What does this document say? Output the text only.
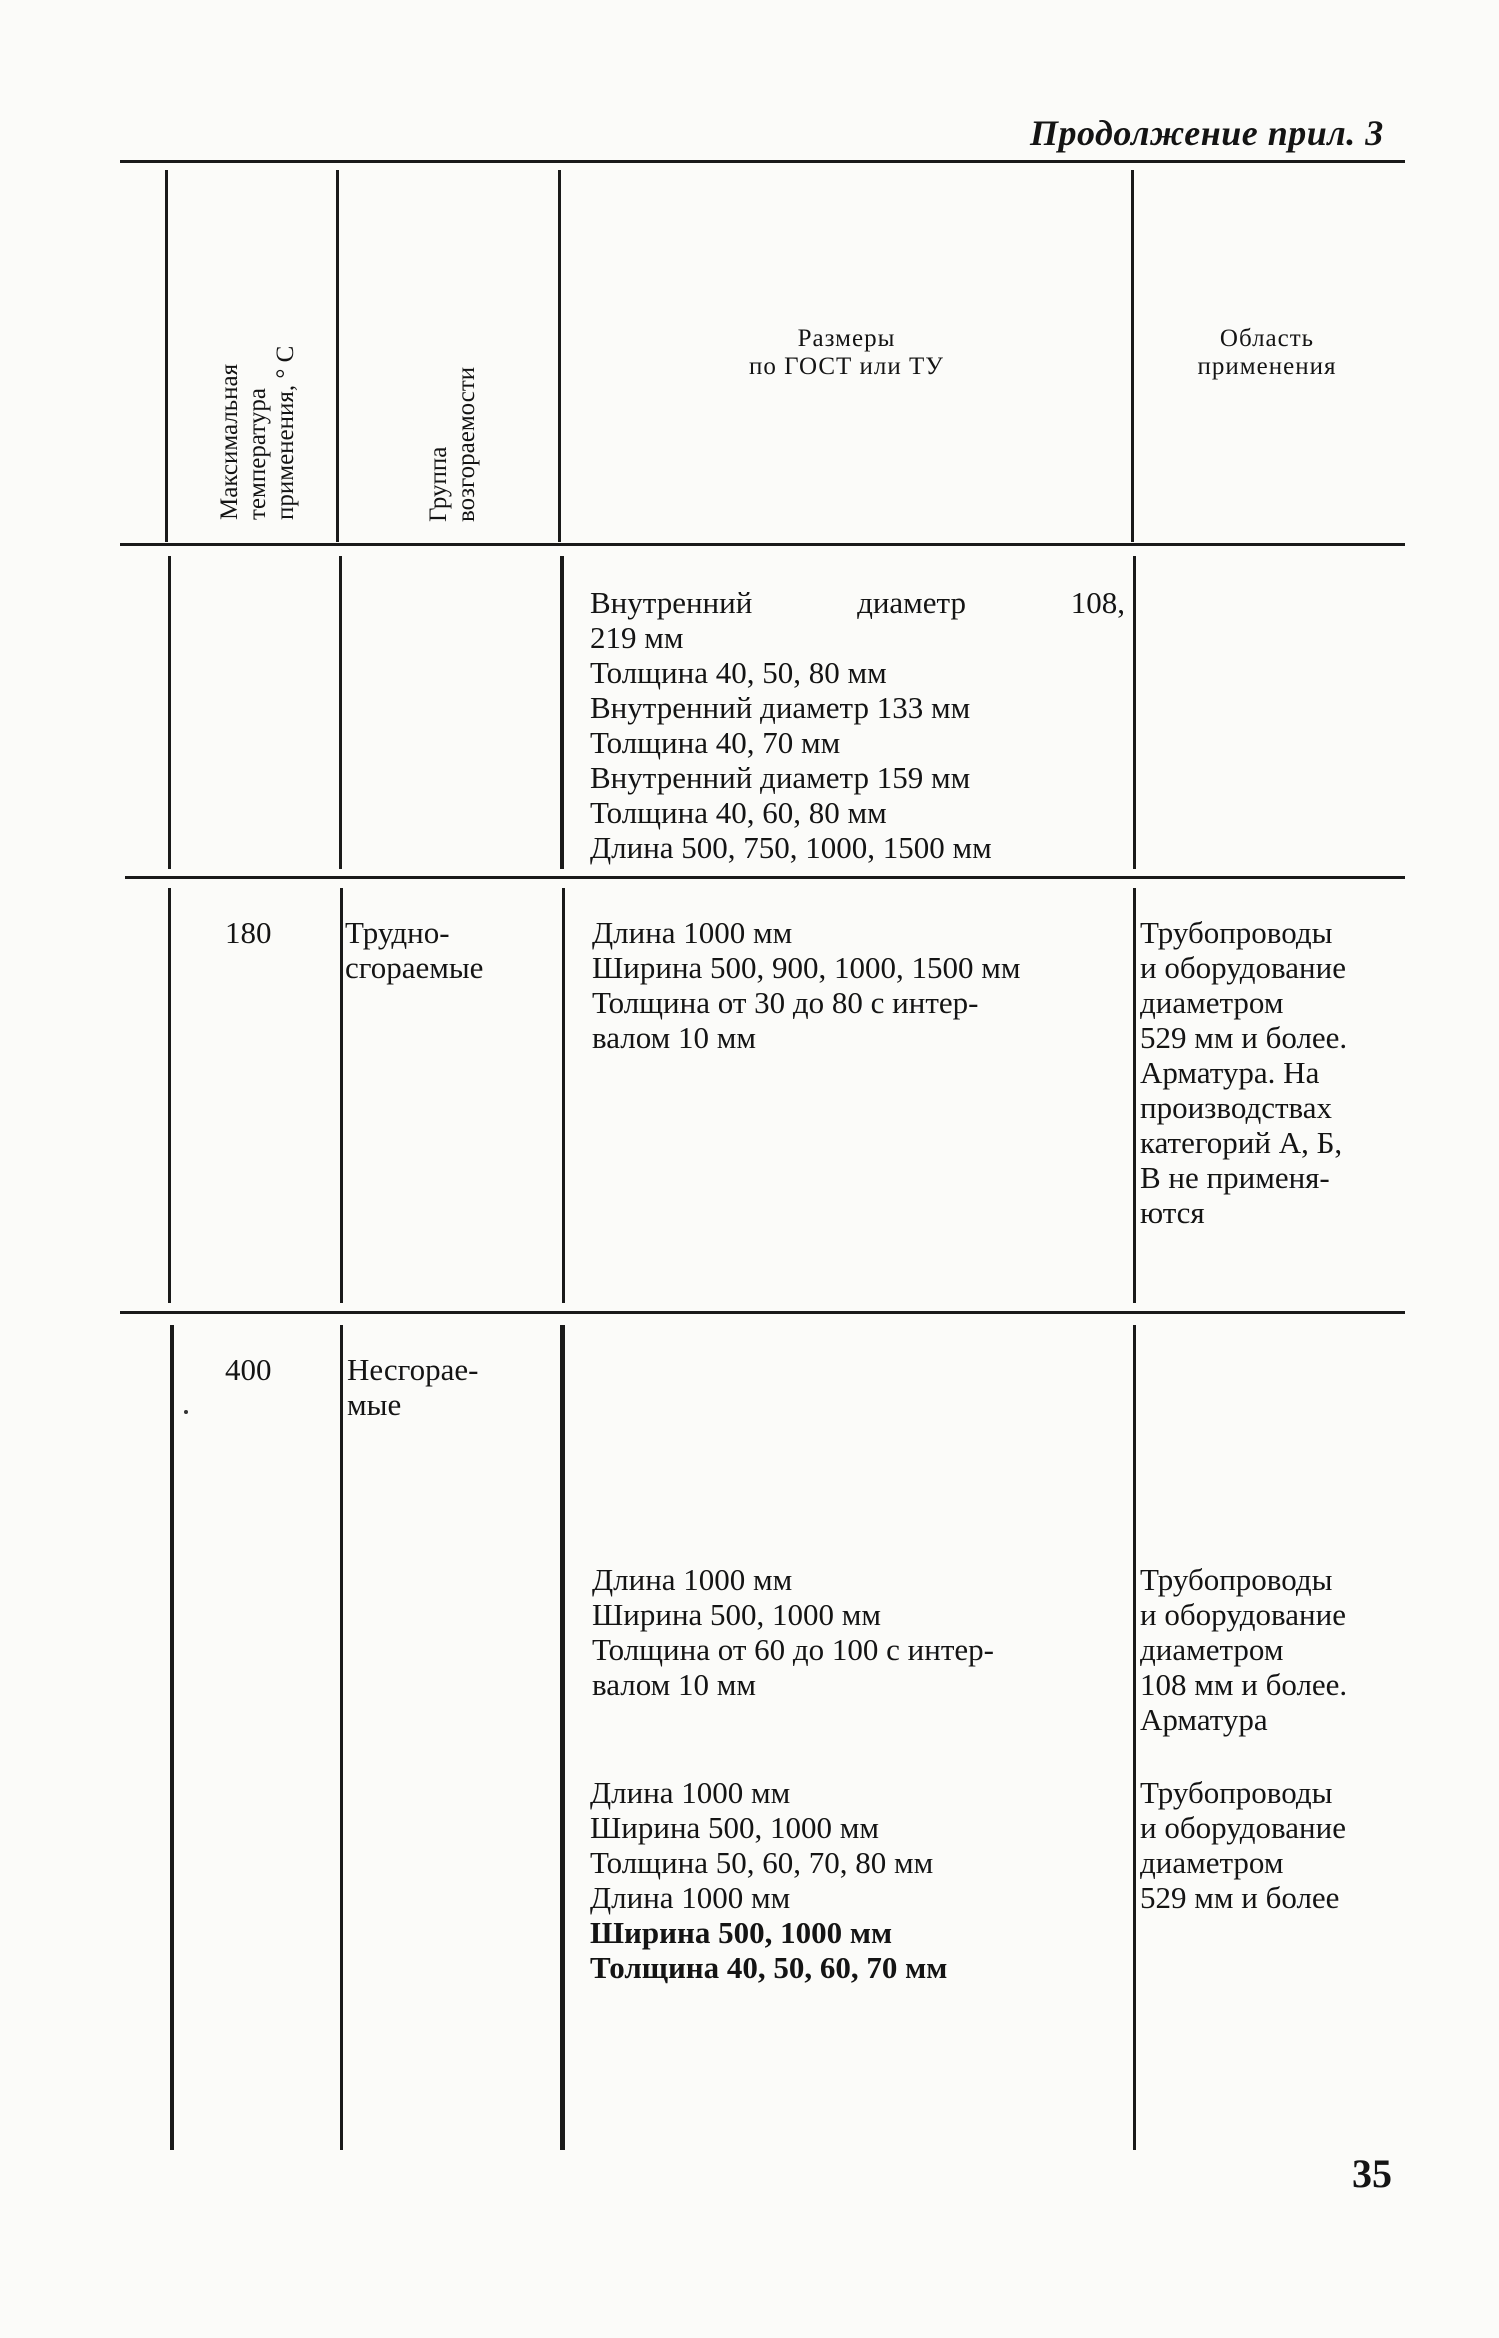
Продолжение прил. 3
Максимальная
температура
применения, ° С
Группа
возгораемости
Размеры
по ГОСТ или ТУ
Область
применения
Внутренний	диаметр	108,
219 мм
Толщина 40, 50, 80 мм
Внутренний диаметр 133 мм
Толщина 40, 70 мм
Внутренний диаметр 159 мм
Толщина 40, 60, 80 мм
Длина 500, 750, 1000, 1500 мм
180 Трудно-
сгораемые
Длина 1000 мм
Ширина 500, 900, 1000, 1500 мм
Толщина от 30 до 80 с интер-
валом 10 мм
Трубопроводы
и оборудование
диаметром
529 мм и более.
Арматура. На
производствах
категорий А, Б,
В не применя-
ются
400 Несгорае-
мые
Длина 1000 мм
Ширина 500, 1000 мм
Толщина от 60 до 100 с интер-
валом 10 мм
Трубопроводы
и оборудование
диаметром
108 мм и более.
Арматура
Длина 1000 мм
Ширина 500, 1000 мм
Толщина 50, 60, 70, 80 мм
Длина 1000 мм
Ширина 500, 1000 мм
Толщина 40, 50, 60, 70 мм
Трубопроводы
и оборудование
диаметром
529 мм и более
35
